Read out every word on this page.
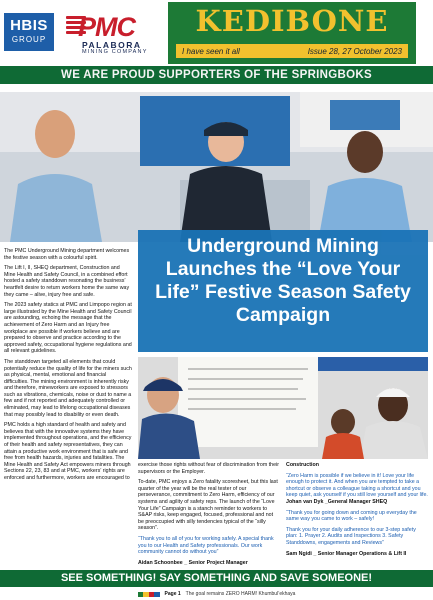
HBIS
GROUP PMC
PALABORA
MINING COMPANY
KEDIBONE
I have seen it all	Issue 28, 27 October 2023
WE ARE PROUD SUPPORTERS OF THE SPRINGBOKS
Underground Mining Launches the “Love Your Life” Festive Season Safety Campaign

The PMC Underground Mining department welcomes the festive season with a colourful spirit.

The Lift I, II, SHEQ department, Construction and Mine Health and Safety Council, in a combined effort hosted a safety standdown resonating the business’ heartfelt desire to return workers home the same way they came – alive, injury free and safe.

The 2023 safety statics at PMC and Limpopo region at large illustrated by the Mine Health and Safety Council are astounding, echoing the message that the achievement of Zero Harm and an Injury free workplace are possible if workers believe and are prepared to observe and practice according to the approved safety, occupational hygiene regulations and all relevant guidelines.

The standdown targeted all elements that could potentially reduce the quality of life for the miners such as physical, mental, emotional and financial difficulties. The mining environment is inherently risky and therefore, mineworkers are exposed to stressors such as vibrations, chemicals, noise or dust to name a few and if not reported and adequately controlled or eliminated, may lead to lifelong occupational diseases that may possibly lead to disability or even death.

PMC holds a high standard of health and safety and believes that with the innovative systems they have implemented throughout operations, and the efficiency of their health and safety representatives, they can attain a productive work environment that is safe and free from health hazards, injuries and fatalities. The Mine Health and Safety Act empowers miners through Sections 22, 23, 83 and at PMC, workers’ rights are enforced and furthermore, workers are encouraged to

exercise those rights without fear of discrimination from their supervisors or the Employer.

To-date, PMC enjoys a Zero fatality scoresheet, but this last quarter of the year will be the real tester of our perseverance, commitment to Zero Harm, efficiency of our systems and agility of safety reps. The launch of the “Love Your Life” Campaign is a stanch reminder to workers to S&AP risks, keep engaged, focused, professional and not be preoccupied with silly tendencies typical of the “silly season”.

“Thank you to all of you for working safely. A special thank you to our Health and Safety professionals. Our work community cannot do without you”

Aidan Schoonbee _ Senior Project Manager

Construction

“Zero Harm is possible if we believe in it! Love your life enough to protect it. And when you are tempted to take a shortcut or observe a colleague taking a shortcut and you keep quiet, ask yourself if you still love yourself and your life. Johan van Dyk _General Manager SHEQ

“Thank you for going down and coming up everyday the same way you came to work – safely!

Thank you for your daily adherence to our 3-step safety plan: 1. Prayer 2. Audits and Inspections 3. Safety Standdowns, engagements and Reviews”

Sam Ngidi _ Senior Manager Operations & Lift II

SEE SOMETHING! SAY SOMETHING AND SAVE SOMEONE!
Page 1 The goal remains ZERO HARM! Khumbul’ekhaya
